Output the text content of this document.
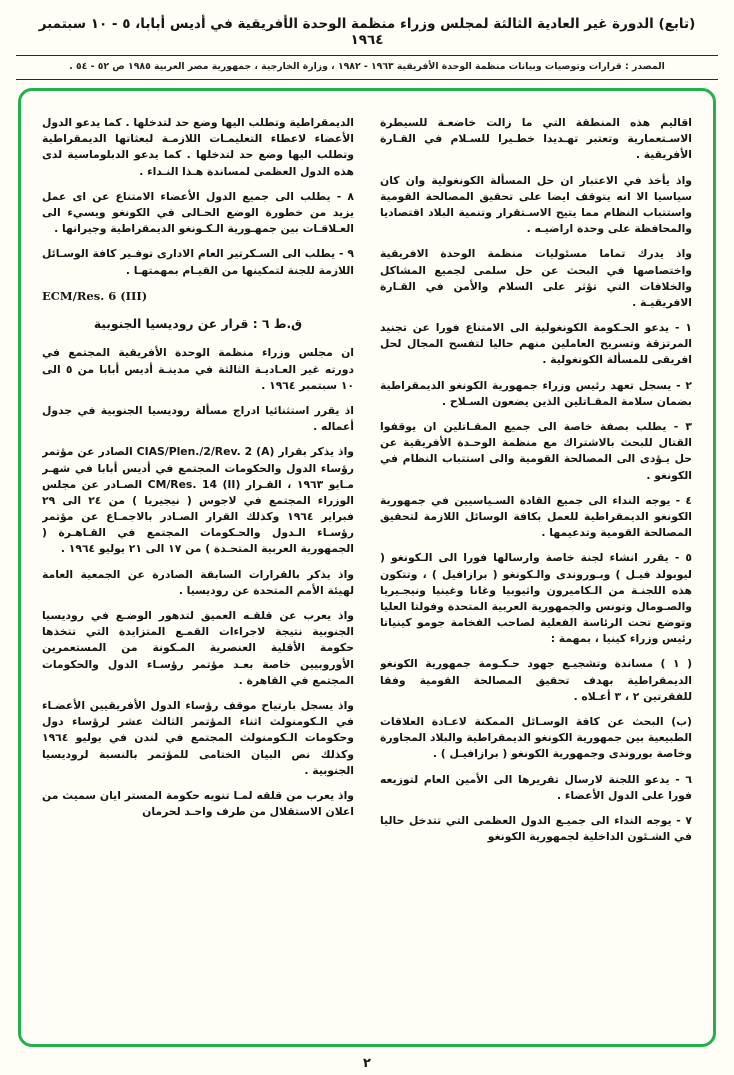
(تابع) الدورة غير العادية الثالثة لمجلس وزراء منظمة الوحدة الأفريقية في أديس أبابا، ٥ - ١٠ سبتمبر ١٩٦٤
المصدر : قرارات وتوصيات وبيانات منظمة الوحدة الأفريقية ١٩٦٣ - ١٩٨٢ ، وزارة الخارجية ، جمهورية مصر العربية ١٩٨٥ ص ٥٢ - ٥٤ .

اقاليم هذه المنطقة التي ما زالت خاضعـة للسيطرة الاسـتعمارية وتعتبر تهـديدا خطـيرا للسـلام في القـارة الأفريقية .

واذ يأخذ في الاعتبار ان حل المسألة الكونغولية وان كان سياسيا الا انه يتوقف ايضا على تحقيق المصالحة القومية واستتباب النظام مما يتيح الاسـتقرار وتنمية البلاد اقتصاديا والمحافظة على وحدة اراضيـه .

واذ يدرك تماما مسئوليات منظمة الوحدة الافريقية واختصاصها في البحث عن حل سلمى لجميع المشاكل والخلافات التي تؤثر على السلام والأمن في القـارة الافريقيـة .

١ - يدعو الحـكومة الكونغولية الى الامتناع فورا عن تجنيد المرتزقة وتسريح العاملين منهم حاليا لتفسح المجال لحل افريقى للمسألة الكونغولية .

٢ - يسجل تعهد رئيس وزراء جمهورية الكونغو الديمقراطية بضمان سلامة المقـاتلين الذين يضعون السـلاح .

٣ - يطلب بصفة خاصة الى جميع المقـاتلين ان يوقفوا القتال للبحث بالاشتراك مع منظمة الوحـدة الأفريقية عن حل يـؤدى الى المصالحة القومية والى استتباب النظام في الكونغو .

٤ - يوجه النداء الى جميع القادة السـياسيين في جمهورية الكونغو الديمقراطية للعمل بكافة الوسائل اللازمة لتحقيق المصالحة القومية وتدعيمها .

٥ - يقرر انشاء لجنة خاصة وارسالها فورا الى الـكونغو ( ليوبولد فيـل ) وبـوروندى والـكونغو ( برازافيل ) ، وتتكون هذه اللجنـة من الـكاميرون واثيوبيا وغانا وغينيا ونيجـيريا والصـومال وتونس والجمهورية العربية المتحدة وفولتا العليا وتوضع تحت الرئاسة الفعلية لصاحب الفخامة جومو كينياتا رئيس وزراء كينيا ، بمهمة :

( ١ ) مساندة وتشجيـع جهود حـكـومة جمهورية الكونغو الديمقراطية بهدف تحقيق المصالحة القومية وفقا للفقرتين ٢ ، ٣ أعـلاه .

(ب) البحث عن كافة الوسـائل الممكنة لاعـادة العلاقات الطبيعية بين جمهورية الكونغو الديمقراطية والبلاد المجاورة وخاصة بوروندى وجمهورية الكونغو ( برازافيـل ) .

٦ - يدعو اللجنة لارسال تقريرها الى الأمين العام لتوزيعه فورا على الدول الأعضاء .

٧ - يوجه النداء الى جميـع الدول العظمى التي تتدخل حاليا في الشـئون الداخلية لجمهورية الكونغو

الديمقراطية وتطلب اليها وضع حد لتدخلها . كما يدعو الدول الأعضاء لاعطاء التعليمـات اللازمـة لبعثاتها الديمقراطية وتطلب اليها وضع حد لتدخلها . كما يدعو الدبلوماسية لدى هذه الدول العظمى لمساندة هـذا النـداء .

٨ - يطلب الى جميع الدول الأعضاء الامتناع عن اى عمل يزيد من خطورة الوضع الحـالى في الكونغو ويسيء الى العـلاقـات بين جمهـورية الـكـونغو الديمقراطية وجيرانها .

٩ - يطلب الى السـكرتير العام الادارى توفـير كافة الوسـائل اللازمة للجنة لتمكينها من القيـام بمهمتهـا .

ECM/Res. 6 (III)

ق.ط ٦ : قرار عن روديسيا الجنوبية

ان مجلس وزراء منظمة الوحدة الأفريقية المجتمع في دورته غير العـاديـة الثالثة في مدينـة أديس أبابا من ٥ الى ١٠ سبتمبر ١٩٦٤ .

اذ يقرر استثنائيا ادراج مسألة روديسيا الجنوبية في جدول أعماله .

واذ يذكر بقرار CIAS/Plen./2/Rev. 2 (A) الصادر عن مؤتمر رؤساء الدول والحكومات المجتمع في أديس أبابا في شهـر مـايو ١٩٦٣ ، القـرار CM/Res. 14 (II) الصـادر عن مجلس الوزراء المجتمع في لاجوس ( نيجيريا ) من ٢٤ الى ٢٩ فبراير ١٩٦٤ وكذلك القرار الصـادر بالاجمـاع عن مؤتمر رؤسـاء الـدول والحـكومات المجتمع في القـاهـرة ( الجمهورية العربية المتحـدة ) من ١٧ الى ٢١ يوليو ١٩٦٤ .

واذ يذكر بالقرارات السابقة الصادرة عن الجمعية العامة لهيئة الأمم المتحدة عن روديسيا .

واذ يعرب عن قلقـه العميق لتدهور الوضـع في روديسيا الجنوبية نتيجة لاجراءات القمـع المتزايدة التي تتخذها حكومة الأقلية العنصرية المـكونة من المستعمرين الأوروبيين خاصة بعـد مؤتمر رؤسـاء الدول والحكومات المجتمع في القاهرة .

واذ يسجل بارتياح موقف رؤساء الدول الأفريقيين الأعضـاء في الـكومنولث اثناء المؤتمر الثالث عشر لرؤساء دول وحكومات الـكومنولث المجتمع في لندن في يوليو ١٩٦٤ وكذلك نص البيان الختامى للمؤتمر بالنسبة لروديسيا الجنوبية .

واذ يعرب من قلقه لمـا تنويه حكومة المستر ايان سميث من اعلان الاستقلال من طرف واحـد لحرمان

٢
